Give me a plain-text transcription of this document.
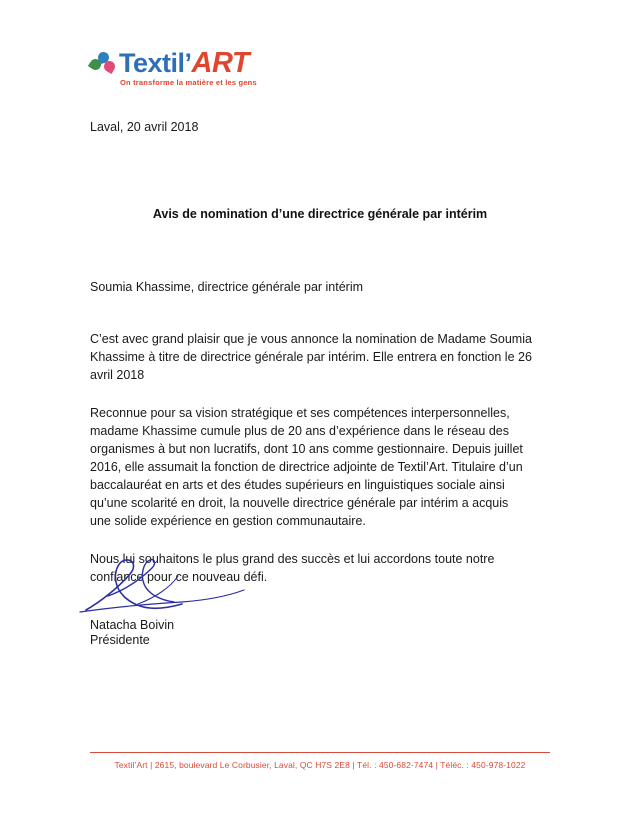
Textil’ART
On transforme la matière et les gens
Laval, 20 avril 2018
Avis de nomination d’une directrice générale par intérim
Soumia Khassime, directrice générale par intérim

C’est avec grand plaisir que je vous annonce la nomination de Madame Soumia Khassime à titre de directrice générale par intérim. Elle entrera en fonction le 26 avril 2018

Reconnue pour sa vision stratégique et ses compétences interpersonnelles, madame Khassime cumule plus de 20 ans d’expérience dans le réseau des organismes à but non lucratifs, dont 10 ans comme gestionnaire. Depuis juillet 2016, elle assumait la fonction de directrice adjointe de Textil’Art. Titulaire d’un baccalauréat en arts et des études supérieurs en linguistiques sociale ainsi qu’une scolarité en droit, la nouvelle directrice générale par intérim a acquis une solide expérience en gestion communautaire.

Nous lui souhaitons le plus grand des succès et lui accordons toute notre confiance pour ce nouveau défi.

Natacha Boivin
Présidente
Textil’Art | 2615, boulevard Le Corbusier, Laval, QC H7S 2E8 | Tél. : 450-682-7474 | Téléc. : 450-978-1022
